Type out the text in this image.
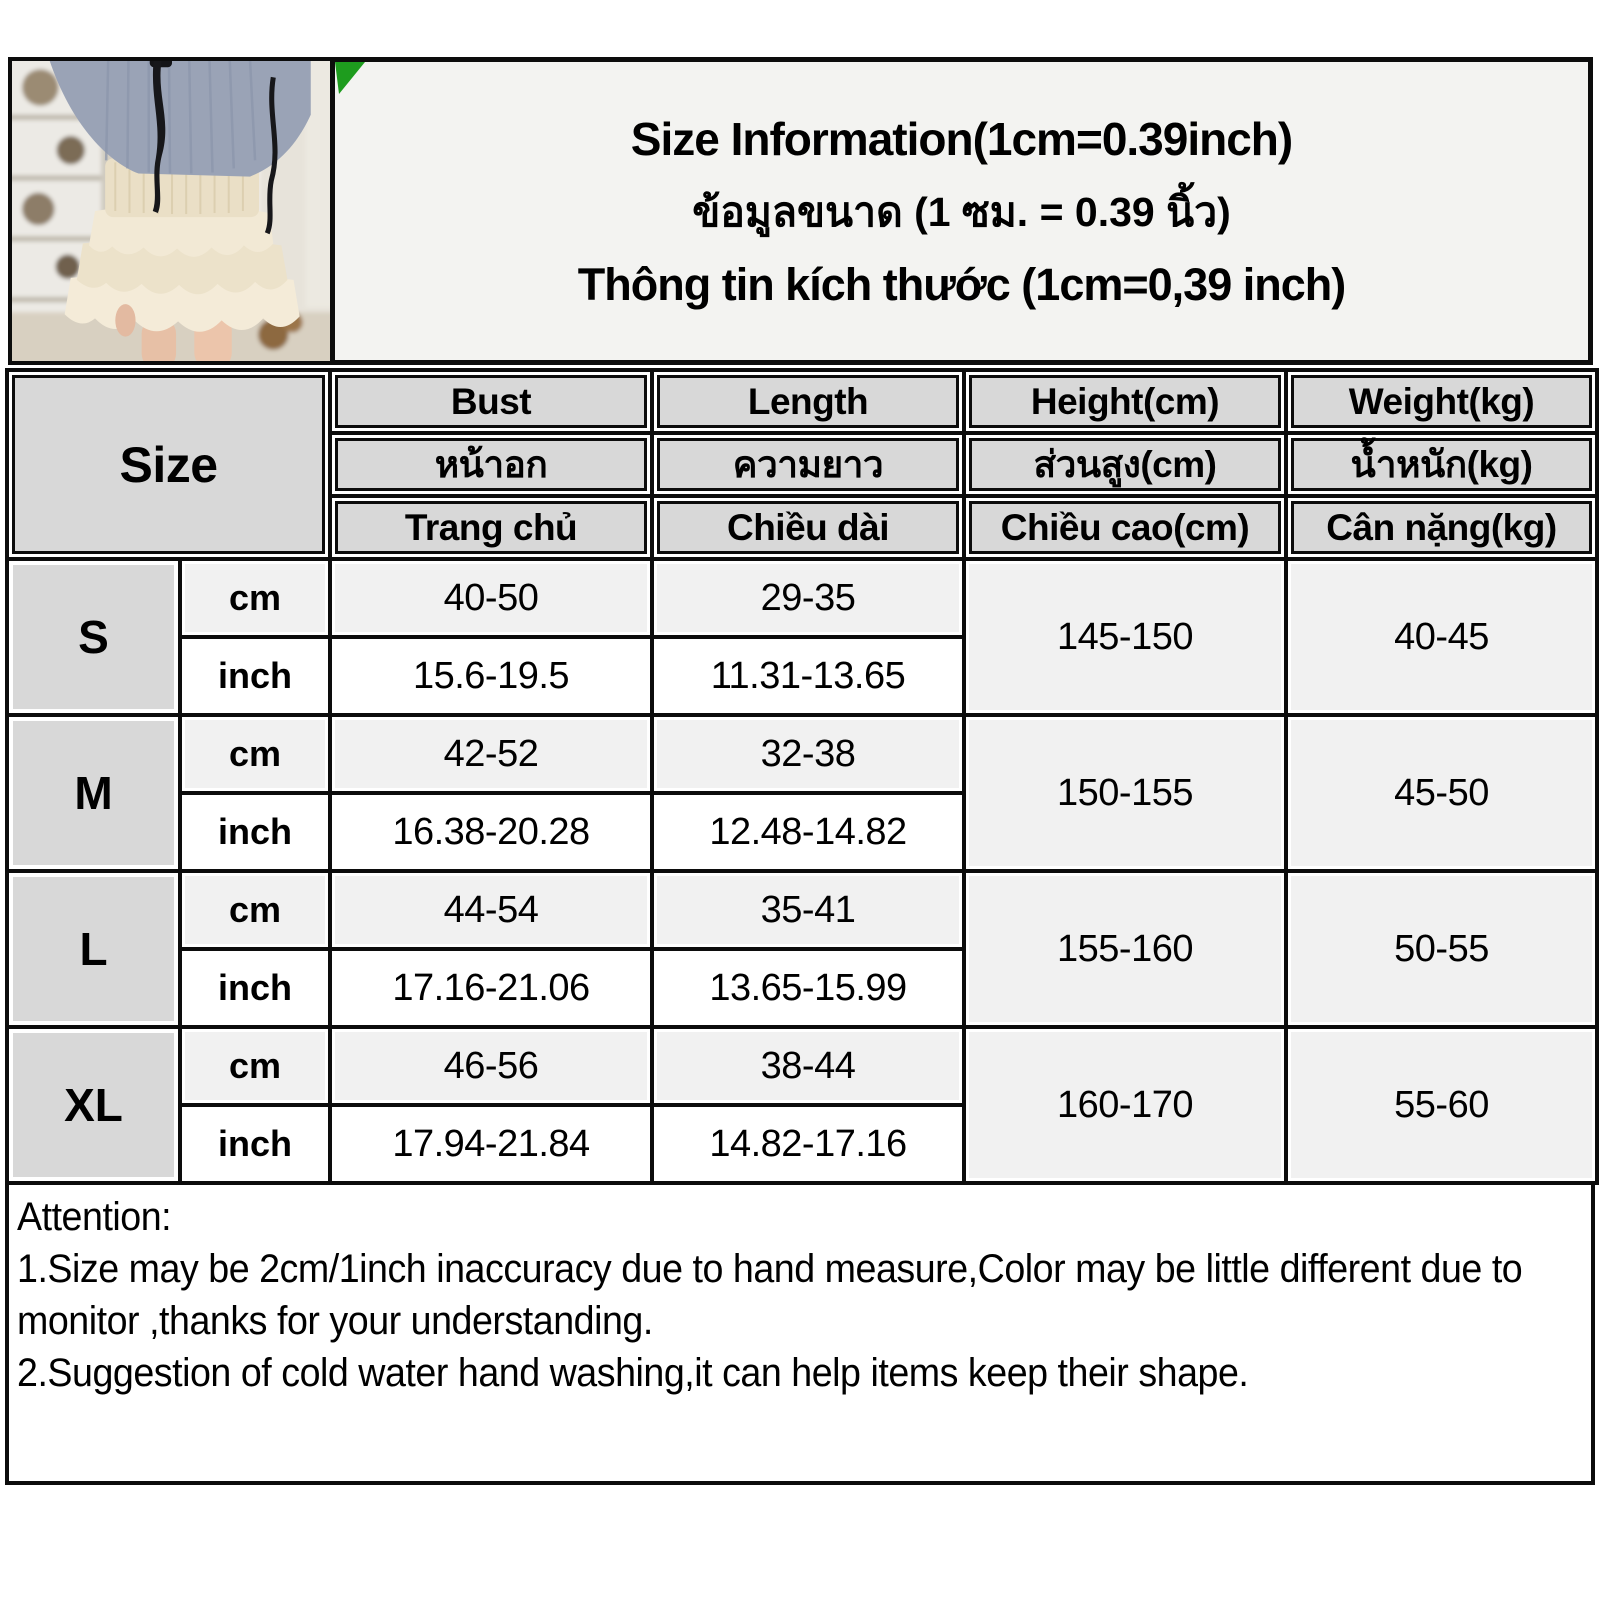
Size Information(1cm=0.39inch)
ข้อมูลขนาด (1 ซม. = 0.39 นิ้ว)
Thông tin kích thước (1cm=0,39 inch)
Size		Bust	Length	Height(cm)	Weight(kg)

หน้าอก	ความยาว	ส่วนสูง(cm)	น้ำหนัก(kg)

Trang chủ	Chiều dài	Chiều cao(cm)	Cân nặng(kg)

S	cm	40-50	29-35	145-150	40-45
	inch	15.6-19.5	11.31-13.65		
M	cm	42-52	32-38	150-155	45-50
	inch	16.38-20.28	12.48-14.82		
L	cm	44-54	35-41	155-160	50-55
	inch	17.16-21.06	13.65-15.99		
XL	cm	46-56	38-44	160-170	55-60
	inch	17.94-21.84	14.82-17.16		
Attention:
1.Size may be 2cm/1inch inaccuracy due to hand measure,Color may be little different due to
monitor ,thanks for your understanding.
2.Suggestion of cold water hand washing,it can help items keep their shape.
